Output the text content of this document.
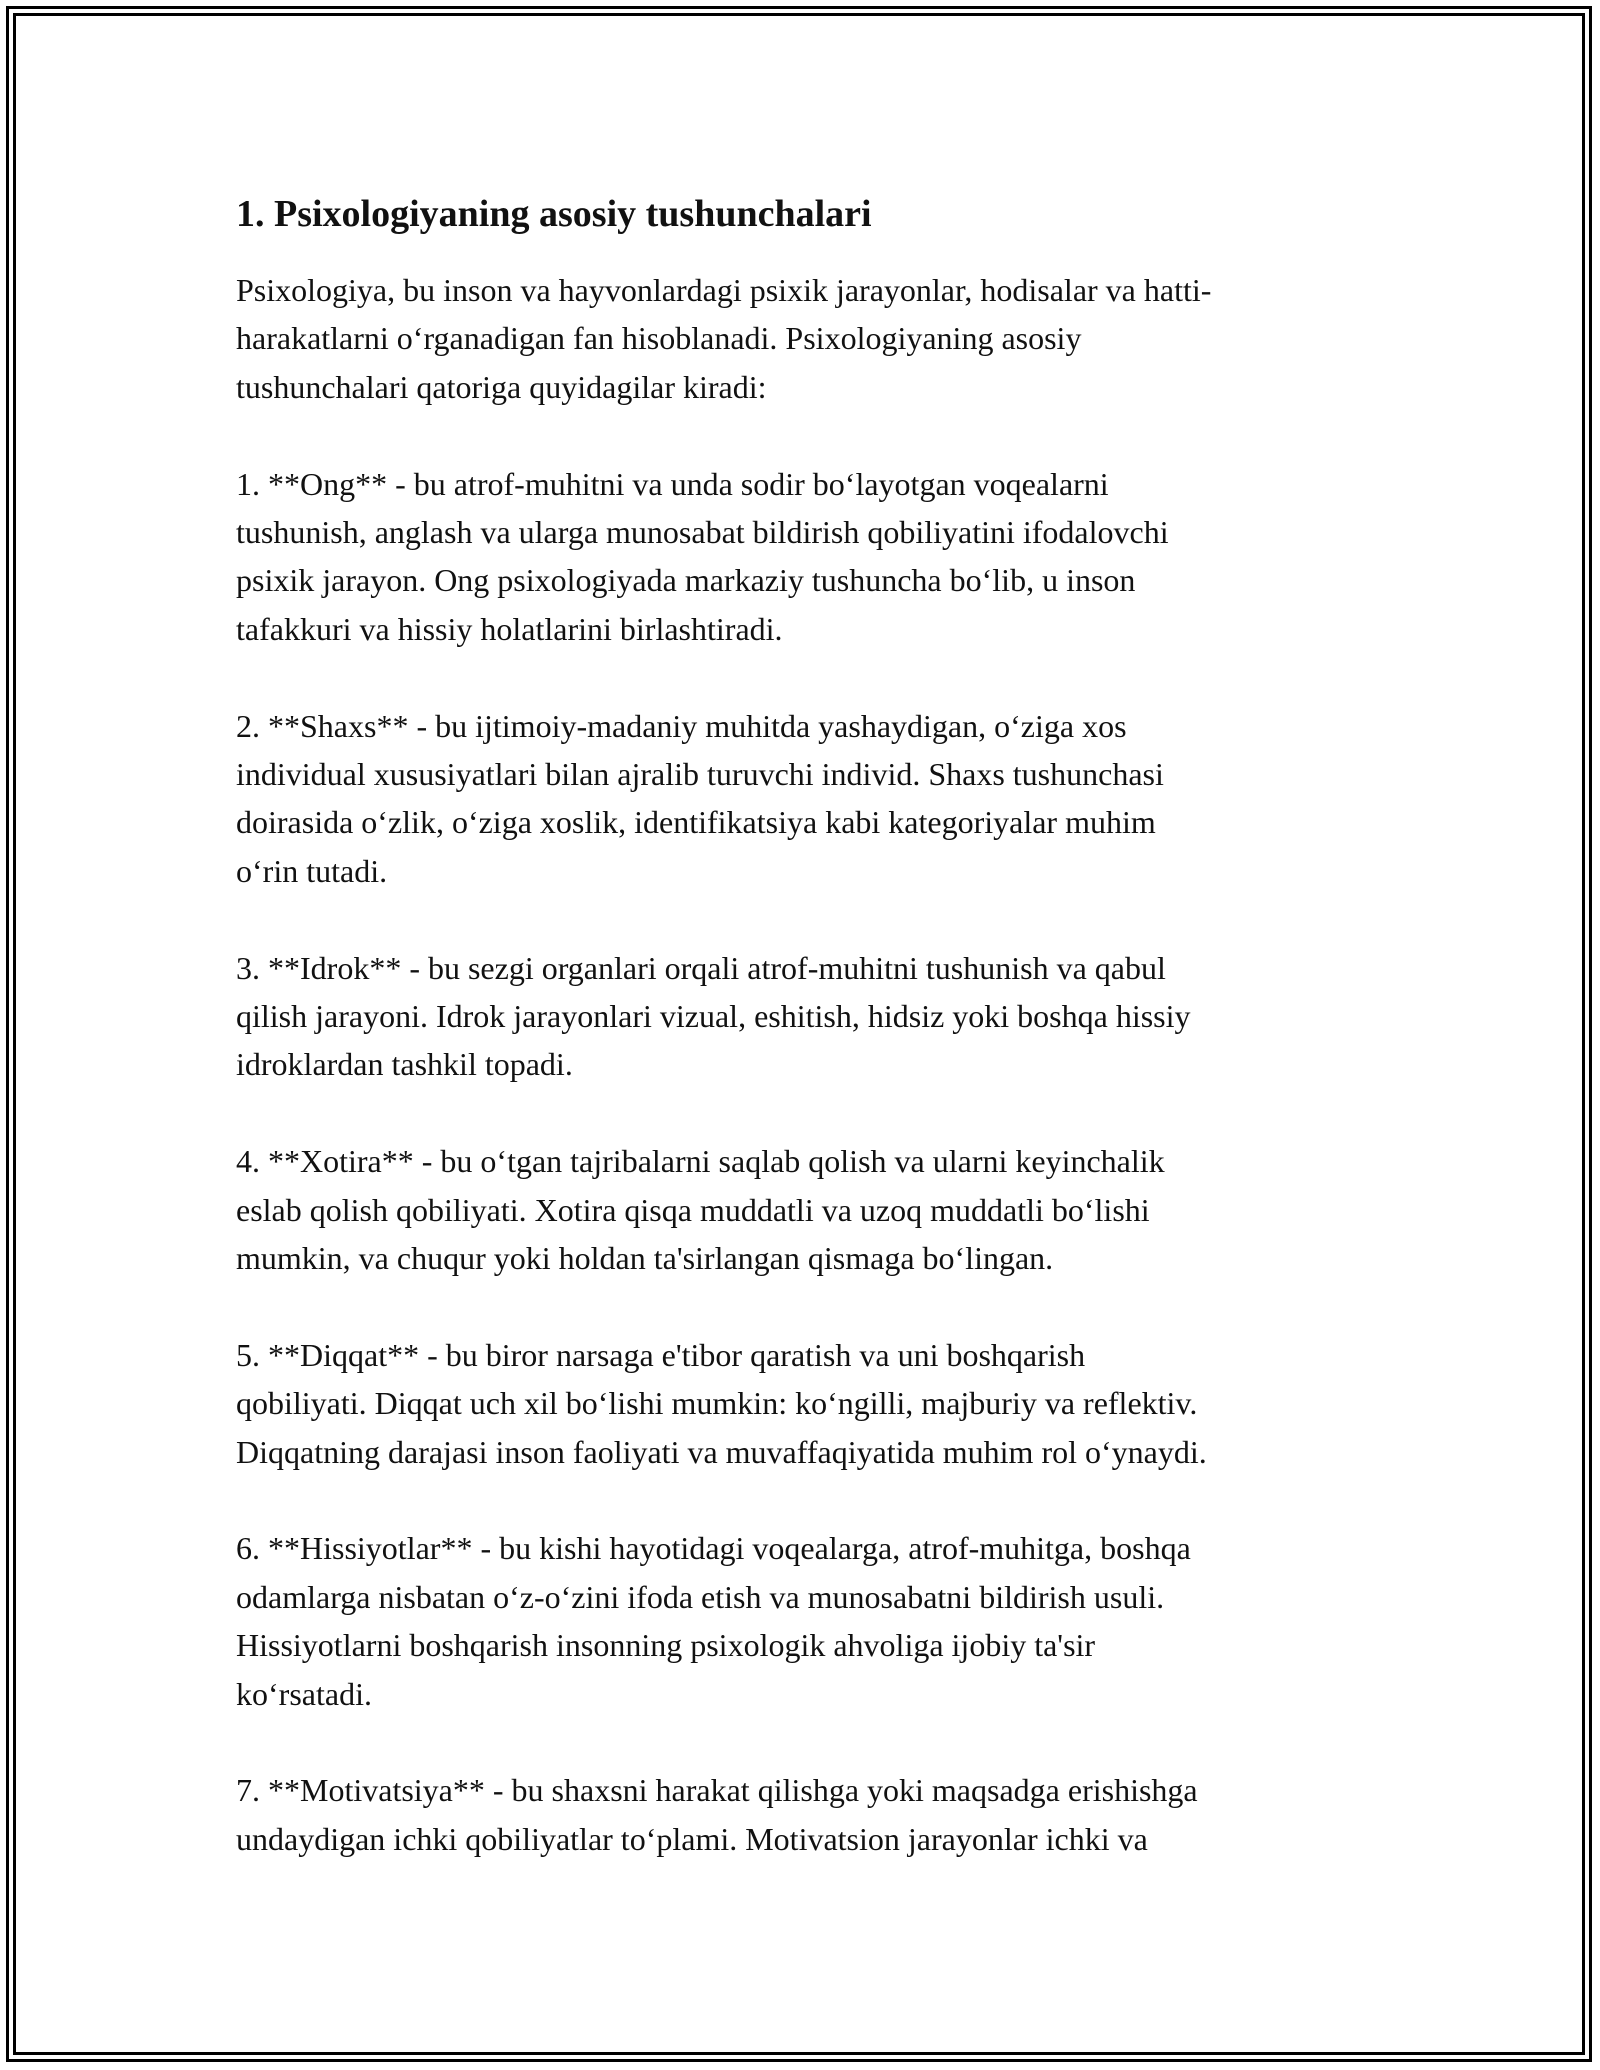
1. Psixologiyaning asosiy tushunchalari
Psixologiya, bu inson va hayvonlardagi psixik jarayonlar, hodisalar va hatti-
harakatlarni o‘rganadigan fan hisoblanadi. Psixologiyaning asosiy
tushunchalari qatoriga quyidagilar kiradi:
1. **Ong** - bu atrof-muhitni va unda sodir bo‘layotgan voqealarni
tushunish, anglash va ularga munosabat bildirish qobiliyatini ifodalovchi
psixik jarayon. Ong psixologiyada markaziy tushuncha bo‘lib, u inson
tafakkuri va hissiy holatlarini birlashtiradi.
2. **Shaxs** - bu ijtimoiy-madaniy muhitda yashaydigan, o‘ziga xos
individual xususiyatlari bilan ajralib turuvchi individ. Shaxs tushunchasi
doirasida o‘zlik, o‘ziga xoslik, identifikatsiya kabi kategoriyalar muhim
o‘rin tutadi.
3. **Idrok** - bu sezgi organlari orqali atrof-muhitni tushunish va qabul
qilish jarayoni. Idrok jarayonlari vizual, eshitish, hidsiz yoki boshqa hissiy
idroklardan tashkil topadi.
4. **Xotira** - bu o‘tgan tajribalarni saqlab qolish va ularni keyinchalik
eslab qolish qobiliyati. Xotira qisqa muddatli va uzoq muddatli bo‘lishi
mumkin, va chuqur yoki holdan ta'sirlangan qismaga bo‘lingan.
5. **Diqqat** - bu biror narsaga e'tibor qaratish va uni boshqarish
qobiliyati. Diqqat uch xil bo‘lishi mumkin: ko‘ngilli, majburiy va reflektiv.
Diqqatning darajasi inson faoliyati va muvaffaqiyatida muhim rol o‘ynaydi.
6. **Hissiyotlar** - bu kishi hayotidagi voqealarga, atrof-muhitga, boshqa
odamlarga nisbatan o‘z-o‘zini ifoda etish va munosabatni bildirish usuli.
Hissiyotlarni boshqarish insonning psixologik ahvoliga ijobiy ta'sir
ko‘rsatadi.
7. **Motivatsiya** - bu shaxsni harakat qilishga yoki maqsadga erishishga
undaydigan ichki qobiliyatlar to‘plami. Motivatsion jarayonlar ichki va
